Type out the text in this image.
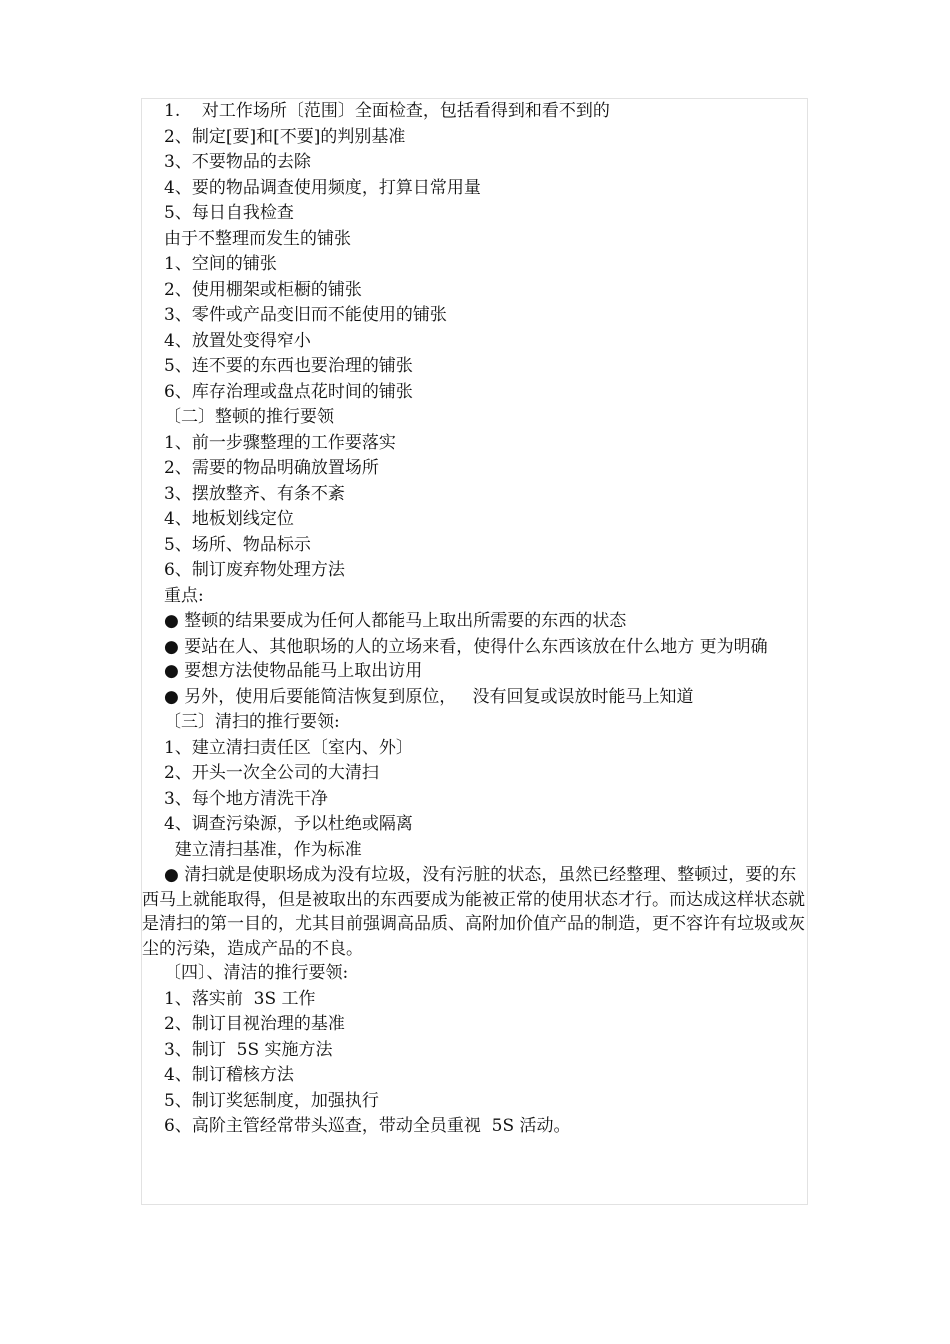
1.    对工作场所〔范围〕全面检查，包括看得到和看不到的
2、制定[要]和[不要]的判别基准
3、不要物品的去除
4、要的物品调查使用频度，打算日常用量
5、每日自我检查
由于不整理而发生的铺张
1、空间的铺张
2、使用棚架或柜橱的铺张
3、零件或产品变旧而不能使用的铺张
4、放置处变得窄小
5、连不要的东西也要治理的铺张
6、库存治理或盘点花时间的铺张
〔二〕整顿的推行要领
1、前一步骤整理的工作要落实
2、需要的物品明确放置场所
3、摆放整齐、有条不紊
4、地板划线定位
5、场所、物品标示
6、制订废弃物处理方法
重点:
● 整顿的结果要成为任何人都能马上取出所需要的东西的状态
● 要站在人、其他职场的人的立场来看，使得什么东西该放在什么地方 更为明确
● 要想方法使物品能马上取出访用
● 另外，使用后要能简洁恢复到原位，   没有回复或误放时能马上知道
〔三〕清扫的推行要领:
1、建立清扫责任区〔室内、外〕
2、开头一次全公司的大清扫
3、每个地方清洗干净
4、调查污染源，予以杜绝或隔离
建立清扫基准，作为标准
● 清扫就是使职场成为没有垃圾，没有污脏的状态，虽然已经整理、整顿过，要的东西马上就能取得，但是被取出的东西要成为能被正常的使用状态才行。而达成这样状态就是清扫的第一目的，尤其目前强调高品质、高附加价值产品的制造，更不容许有垃圾或灰尘的污染，造成产品的不良。
〔四〕、清洁的推行要领:
1、落实前  3S 工作
2、制订目视治理的基准
3、制订  5S 实施方法
4、制订稽核方法
5、制订奖惩制度，加强执行
6、高阶主管经常带头巡查，带动全员重视  5S 活动。
